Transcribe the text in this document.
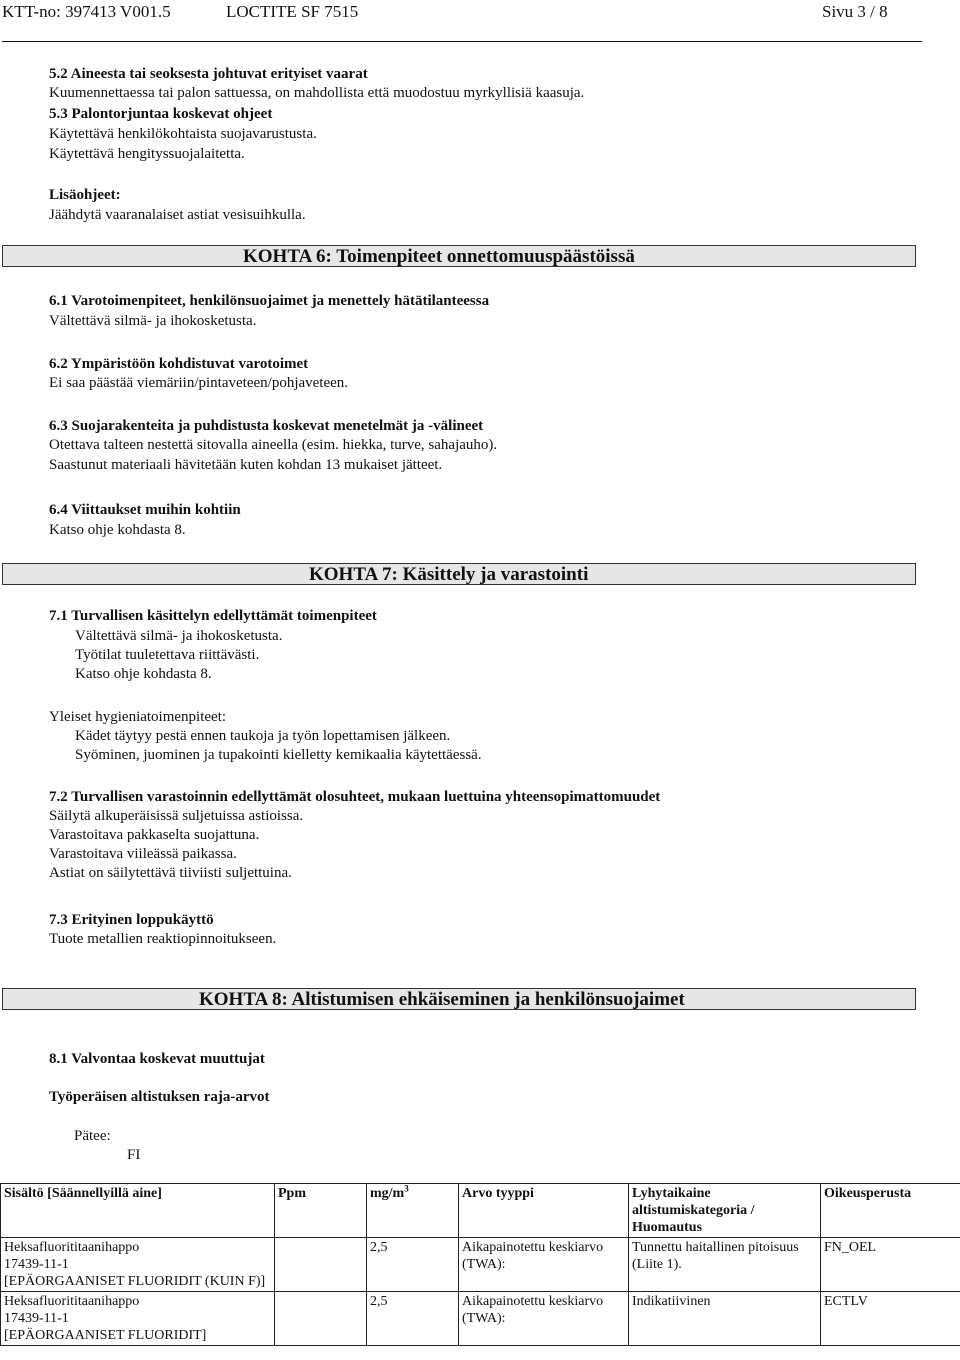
KTT-no: 397413 V001.5	LOCTITE SF 7515	Sivu 3 / 8
5.2 Aineesta tai seoksesta johtuvat erityiset vaarat
Kuumennettaessa tai palon sattuessa, on mahdollista että muodostuu myrkyllisiä kaasuja.
5.3 Palontorjuntaa koskevat ohjeet
Käytettävä henkilökohtaista suojavarustusta.
Käytettävä hengityssuojalaitetta.
Lisäohjeet:
Jäähdytä vaaranalaiset astiat vesisuihkulla.
KOHTA 6: Toimenpiteet onnettomuuspäästöissä
6.1 Varotoimenpiteet, henkilönsuojaimet ja menettely hätätilanteessa
Vältettävä silmä- ja ihokosketusta.
6.2 Ympäristöön kohdistuvat varotoimet
Ei saa päästää viemäriin/pintaveteen/pohjaveteen.
6.3 Suojarakenteita ja puhdistusta koskevat menetelmät ja -välineet
Otettava talteen nestettä sitovalla aineella (esim. hiekka, turve, sahajauho).
Saastunut materiaali hävitetään kuten kohdan 13 mukaiset jätteet.
6.4 Viittaukset muihin kohtiin
Katso ohje kohdasta 8.
KOHTA 7: Käsittely ja varastointi
7.1 Turvallisen käsittelyn edellyttämät toimenpiteet
Vältettävä silmä- ja ihokosketusta.
Työtilat tuuletettava riittävästi.
Katso ohje kohdasta 8.
Yleiset hygieniatoimenpiteet:
Kädet täytyy pestä ennen taukoja ja työn lopettamisen jälkeen.
Syöminen, juominen ja tupakointi kielletty kemikaalia käytettäessä.
7.2 Turvallisen varastoinnin edellyttämät olosuhteet, mukaan luettuina yhteensopimattomuudet
Säilytä alkuperäisissä suljetuissa astioissa.
Varastoitava pakkaselta suojattuna.
Varastoitava viileässä paikassa.
Astiat on säilytettävä tiiviisti suljettuina.
7.3 Erityinen loppukäyttö
Tuote metallien reaktiopinnoitukseen.
KOHTA 8: Altistumisen ehkäiseminen ja henkilönsuojaimet
8.1 Valvontaa koskevat muuttujat
Työperäisen altistuksen raja-arvot
Pätee:
FI
Sisältö [Säännellyillä aine]	Ppm	$mg/m^3$	Arvo tyyppi	Lyhytaikaine altistumiskategoria / Huomautus	Oikeusperusta

Heksafluorititaanihappo
17439-11-1
[EPÄORGAANISET FLUORIDIT (KUIN F)]		2,5	Aikapainotettu keskiarvo (TWA):	Tunnettu haitallinen pitoisuus (Liite 1).	FN_OEL

Heksafluorititaanihappo
17439-11-1
[EPÄORGAANISET FLUORIDIT]		2,5	Aikapainotettu keskiarvo (TWA):	Indikatiivinen	ECTLV
